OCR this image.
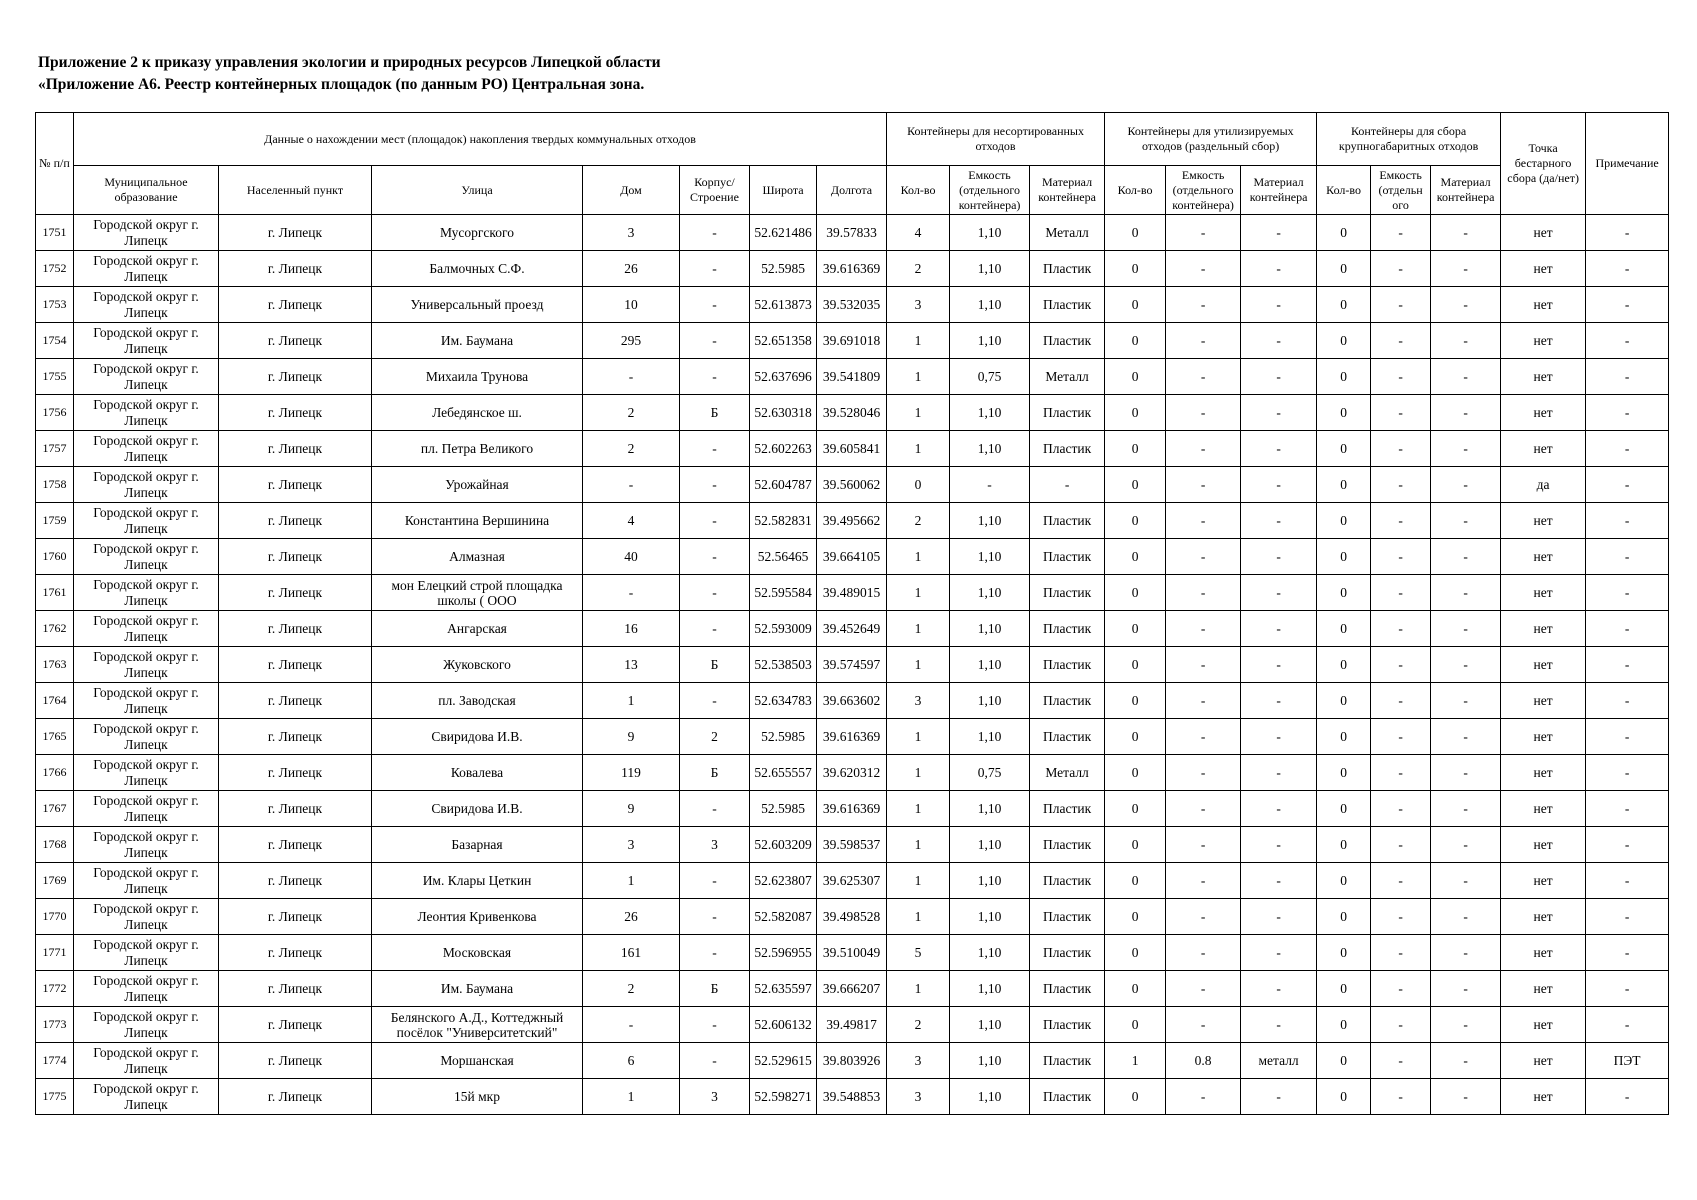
Приложение 2 к приказу управления экологии и природных ресурсов Липецкой области
«Приложение А6. Реестр контейнерных площадок (по данным РО) Центральная зона.
№ п/п	Данные о нахождении мест (площадок) накопления твердых коммунальных отходов							Контейнеры для несортированных отходов			Контейнеры для утилизируемых отходов (раздельный сбор)			Контейнеры для сбора крупногабаритных отходов			Точка бестарного сбора (да/нет)	Примечание
	Муниципальное образование	Населенный пункт	Улица	Дом	Корпус/ Строение	Широта	Долгота	Кол-во	Емкость (отдельного контейнера)	Материал контейнера	Кол-во	Емкость (отдельного контейнера)	Материал контейнера	Кол-во	Емкость (отдельн ого	Материал контейнера		
1751	Городской округ г. Липецк	г. Липецк	Мусоргского	3	-	52.621486	39.57833	4	1,10	Металл	0	-	-	0	-	-	нет	-
1752	Городской округ г. Липецк	г. Липецк	Балмочных С.Ф.	26	-	52.5985	39.616369	2	1,10	Пластик	0	-	-	0	-	-	нет	-
1753	Городской округ г. Липецк	г. Липецк	Универсальный проезд	10	-	52.613873	39.532035	3	1,10	Пластик	0	-	-	0	-	-	нет	-
1754	Городской округ г. Липецк	г. Липецк	Им. Баумана	295	-	52.651358	39.691018	1	1,10	Пластик	0	-	-	0	-	-	нет	-
1755	Городской округ г. Липецк	г. Липецк	Михаила Трунова	-	-	52.637696	39.541809	1	0,75	Металл	0	-	-	0	-	-	нет	-
1756	Городской округ г. Липецк	г. Липецк	Лебедянское ш.	2	Б	52.630318	39.528046	1	1,10	Пластик	0	-	-	0	-	-	нет	-
1757	Городской округ г. Липецк	г. Липецк	пл. Петра Великого	2	-	52.602263	39.605841	1	1,10	Пластик	0	-	-	0	-	-	нет	-
1758	Городской округ г. Липецк	г. Липецк	Урожайная	-	-	52.604787	39.560062	0	-	-	0	-	-	0	-	-	да	-
1759	Городской округ г. Липецк	г. Липецк	Константина Вершинина	4	-	52.582831	39.495662	2	1,10	Пластик	0	-	-	0	-	-	нет	-
1760	Городской округ г. Липецк	г. Липецк	Алмазная	40	-	52.56465	39.664105	1	1,10	Пластик	0	-	-	0	-	-	нет	-
1761	Городской округ г. Липецк	г. Липецк	мон Елецкий строй площадка школы ( ООО	-	-	52.595584	39.489015	1	1,10	Пластик	0	-	-	0	-	-	нет	-
1762	Городской округ г. Липецк	г. Липецк	Ангарская	16	-	52.593009	39.452649	1	1,10	Пластик	0	-	-	0	-	-	нет	-
1763	Городской округ г. Липецк	г. Липецк	Жуковского	13	Б	52.538503	39.574597	1	1,10	Пластик	0	-	-	0	-	-	нет	-
1764	Городской округ г. Липецк	г. Липецк	пл. Заводская	1	-	52.634783	39.663602	3	1,10	Пластик	0	-	-	0	-	-	нет	-
1765	Городской округ г. Липецк	г. Липецк	Свиридова И.В.	9	2	52.5985	39.616369	1	1,10	Пластик	0	-	-	0	-	-	нет	-
1766	Городской округ г. Липецк	г. Липецк	Ковалева	119	Б	52.655557	39.620312	1	0,75	Металл	0	-	-	0	-	-	нет	-
1767	Городской округ г. Липецк	г. Липецк	Свиридова И.В.	9	-	52.5985	39.616369	1	1,10	Пластик	0	-	-	0	-	-	нет	-
1768	Городской округ г. Липецк	г. Липецк	Базарная	3	3	52.603209	39.598537	1	1,10	Пластик	0	-	-	0	-	-	нет	-
1769	Городской округ г. Липецк	г. Липецк	Им. Клары Цеткин	1	-	52.623807	39.625307	1	1,10	Пластик	0	-	-	0	-	-	нет	-
1770	Городской округ г. Липецк	г. Липецк	Леонтия Кривенкова	26	-	52.582087	39.498528	1	1,10	Пластик	0	-	-	0	-	-	нет	-
1771	Городской округ г. Липецк	г. Липецк	Московская	161	-	52.596955	39.510049	5	1,10	Пластик	0	-	-	0	-	-	нет	-
1772	Городской округ г. Липецк	г. Липецк	Им. Баумана	2	Б	52.635597	39.666207	1	1,10	Пластик	0	-	-	0	-	-	нет	-
1773	Городской округ г. Липецк	г. Липецк	Белянского А.Д., Коттеджный посёлок "Университетский"	-	-	52.606132	39.49817	2	1,10	Пластик	0	-	-	0	-	-	нет	-
1774	Городской округ г. Липецк	г. Липецк	Моршанская	6	-	52.529615	39.803926	3	1,10	Пластик	1	0.8	металл	0	-	-	нет	ПЭТ
1775	Городской округ г. Липецк	г. Липецк	15й мкр	1	3	52.598271	39.548853	3	1,10	Пластик	0	-	-	0	-	-	нет	-
